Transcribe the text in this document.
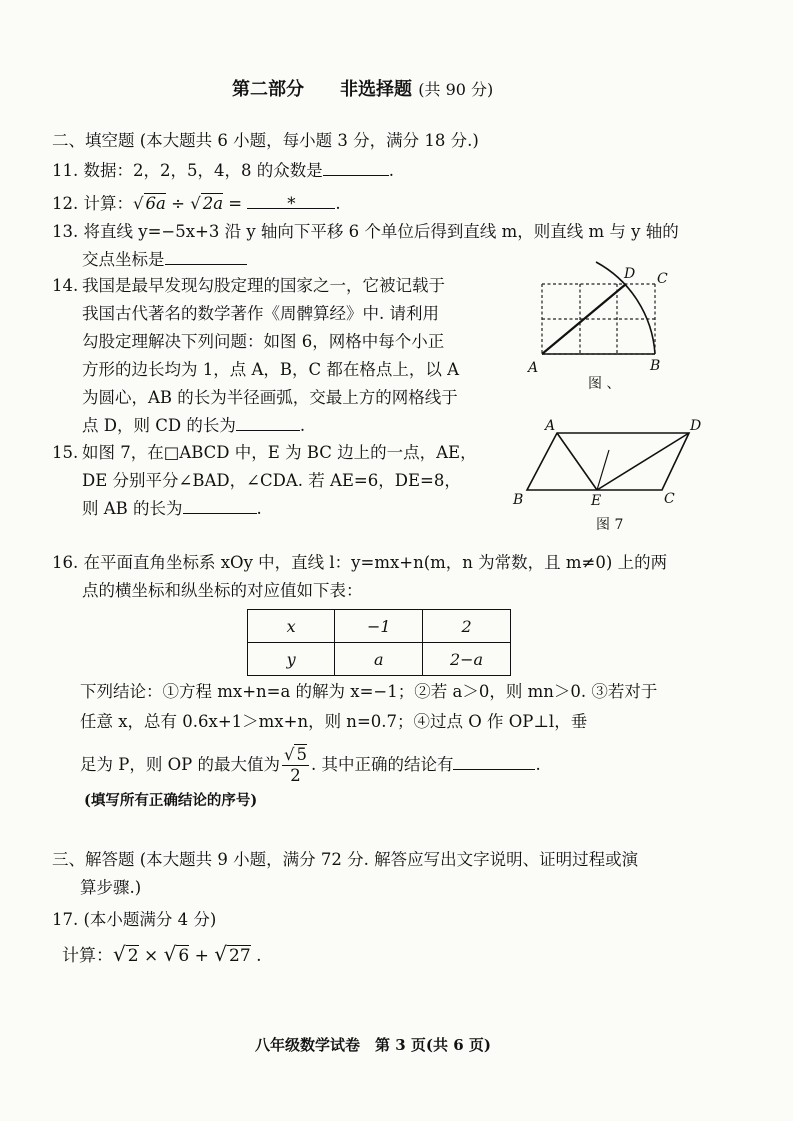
第二部分　　非选择题 (共 90 分)
二、填空题 (本大题共 6 小题，每小题 3 分，满分 18 分.)
11. 数据：2，2，5，4，8 的众数是	.
12. 计算：√ 6a ÷ √ 2a =	* .
13. 将直线 y=−5x+3 沿 y 轴向下平移 6 个单位后得到直线 m，则直线 m 与 y 轴的
交点坐标是
14. 我国是最早发现勾股定理的国家之一，它被记载于
我国古代著名的数学著作《周髀算经》中. 请利用
勾股定理解决下列问题：如图 6，网格中每个小正
方形的边长均为 1，点 A，B，C 都在格点上，以 A
为圆心，AB 的长为半径画弧，交最上方的网格线于
点 D，则 CD 的长为	.
A	B
C
D
图 、
15. 如图 7，在□ABCD 中，E 为 BC 边上的一点，AE，
DE 分别平分∠BAD，∠CDA. 若 AE=6，DE=8，
则 AB 的长为	.
A	D
B	E	C
图 7
16. 在平面直角坐标系 xOy 中，直线 l：y=mx+n(m，n 为常数，且 m≠0) 上的两
点的横坐标和纵坐标的对应值如下表：
x	−1	2
y	a	2−a
下列结论：①方程 mx+n=a 的解为 x=−1；②若 a＞0，则 mn＞0. ③若对于
任意 x，总有 0.6x+1＞mx+n，则 n=0.7；④过点 O 作 OP⊥l，垂
足为 P，则 OP 的最大值为 $\frac{√ 5}{2}$ . 其中正确的结论有	.
(填写所有正确结论的序号)
三、解答题 (本大题共 9 小题，满分 72 分. 解答应写出文字说明、证明过程或演
算步骤.)
17. (本小题满分 4 分)
计算：√ 2 × √ 6 + √ 27 .
八年级数学试卷　第 3 页(共 6 页)
